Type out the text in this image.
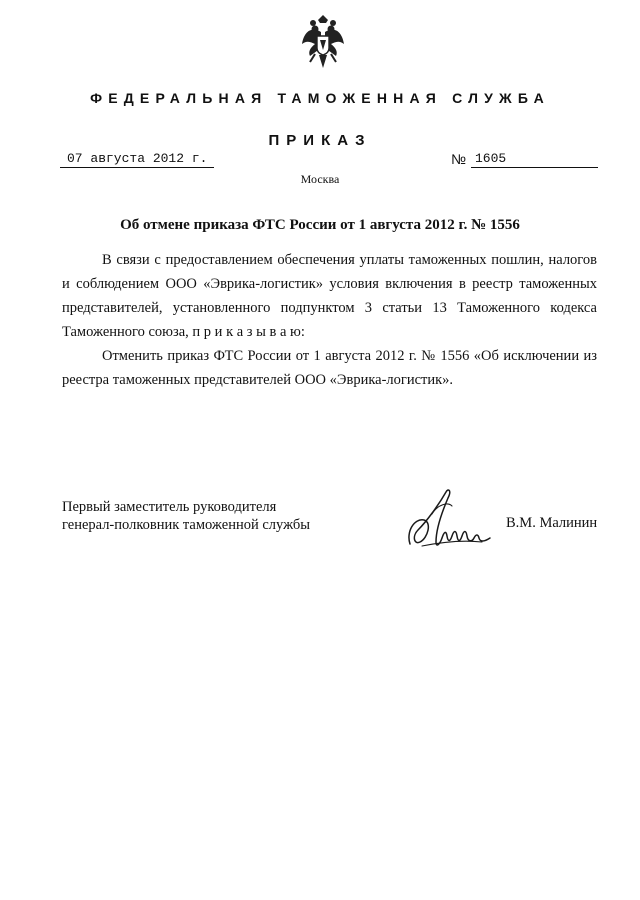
ФЕДЕРАЛЬНАЯ ТАМОЖЕННАЯ СЛУЖБА
ПРИКАЗ
07 августа 2012 г.	№ 1605
Москва
Об отмене приказа ФТС России от 1 августа 2012 г. № 1556

В связи с предоставлением обеспечения уплаты таможенных пошлин, налогов и соблюдением ООО «Эврика-логистик» условия включения в реестр таможенных представителей, установленного подпунктом 3 статьи 13 Таможенного кодекса Таможенного союза, п р и к а з ы в а ю:

Отменить приказ ФТС России от 1 августа 2012 г. № 1556 «Об исключении из реестра таможенных представителей ООО «Эврика-логистик».

Первый заместитель руководителя
генерал-полковник таможенной службы	В.М. Малинин
